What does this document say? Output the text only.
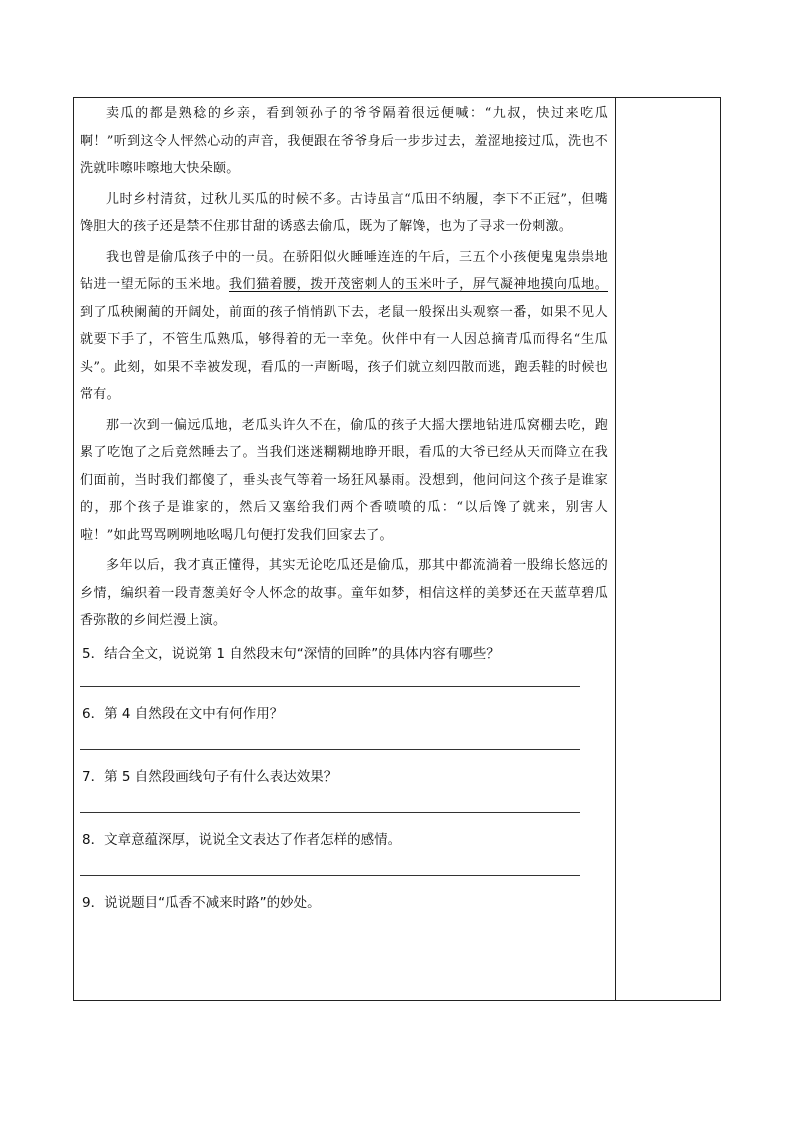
卖瓜的都是熟稔的乡亲，看到领孙子的爷爷隔着很远便喊：“九叔，快过来吃瓜啊！”听到这令人怦然心动的声音，我便跟在爷爷身后一步步过去，羞涩地接过瓜，洗也不洗就咔嚓咔嚓地大快朵颐。

儿时乡村清贫，过秋儿买瓜的时候不多。古诗虽言“瓜田不纳履，李下不正冠”，但嘴馋胆大的孩子还是禁不住那甘甜的诱惑去偷瓜，既为了解馋，也为了寻求一份刺激。

我也曾是偷瓜孩子中的一员。在骄阳似火睡唾连连的午后，三五个小孩便鬼鬼祟祟地钻进一望无际的玉米地。我们猫着腰，拨开茂密刺人的玉米叶子，屏气凝神地摸向瓜地。到了瓜秧阑蔺的开阔处，前面的孩子悄悄趴下去，老鼠一般探出头观察一番，如果不见人就要下手了，不管生瓜熟瓜，够得着的无一幸免。伙伴中有一人因总摘青瓜而得名“生瓜头”。此刻，如果不幸被发现，看瓜的一声断喝，孩子们就立刻四散而逃，跑丢鞋的时候也常有。

那一次到一偏远瓜地，老瓜头许久不在，偷瓜的孩子大摇大摆地钻进瓜窝棚去吃，跑累了吃饱了之后竟然睡去了。当我们迷迷糊糊地睁开眼，看瓜的大爷已经从天而降立在我们面前，当时我们都傻了，垂头丧气等着一场狂风暴雨。没想到，他问问这个孩子是谁家的，那个孩子是谁家的，然后又塞给我们两个香喷喷的瓜：“以后馋了就来，别害人啦！”如此骂骂咧咧地吆喝几句便打发我们回家去了。

多年以后，我才真正懂得，其实无论吃瓜还是偷瓜，那其中都流淌着一股绵长悠远的乡情，编织着一段青葱美好令人怀念的故事。童年如梦，相信这样的美梦还在天蓝草碧瓜香弥散的乡间烂漫上演。

5．结合全文，说说第 1 自然段末句“深情的回眸”的具体内容有哪些？

6．第 4 自然段在文中有何作用？

7．第 5 自然段画线句子有什么表达效果？

8．文章意蕴深厚，说说全文表达了作者怎样的感情。

9．说说题目“瓜香不减来时路”的妙处。
